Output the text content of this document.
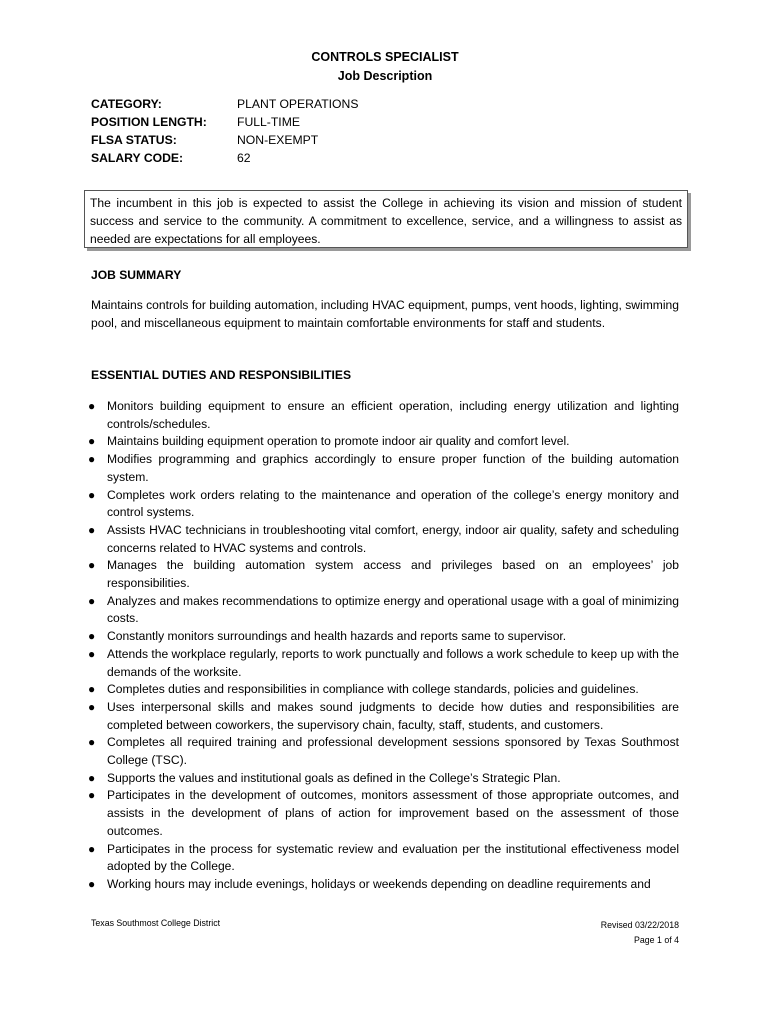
CONTROLS SPECIALIST
Job Description
CATEGORY:	PLANT OPERATIONS
POSITION LENGTH:	FULL-TIME
FLSA STATUS:	NON-EXEMPT
SALARY CODE:	62
The incumbent in this job is expected to assist the College in achieving its vision and mission of student success and service to the community. A commitment to excellence, service, and a willingness to assist as needed are expectations for all employees.
JOB SUMMARY
Maintains controls for building automation, including HVAC equipment, pumps, vent hoods, lighting, swimming pool, and miscellaneous equipment to maintain comfortable environments for staff and students.
ESSENTIAL DUTIES AND RESPONSIBILITIES
● Monitors building equipment to ensure an efficient operation, including energy utilization and lighting controls/schedules.
● Maintains building equipment operation to promote indoor air quality and comfort level.
● Modifies programming and graphics accordingly to ensure proper function of the building automation system.
● Completes work orders relating to the maintenance and operation of the college’s energy monitory and control systems.
● Assists HVAC technicians in troubleshooting vital comfort, energy, indoor air quality, safety and scheduling concerns related to HVAC systems and controls.
● Manages the building automation system access and privileges based on an employees’ job responsibilities.
● Analyzes and makes recommendations to optimize energy and operational usage with a goal of minimizing costs.
● Constantly monitors surroundings and health hazards and reports same to supervisor.
● Attends the workplace regularly, reports to work punctually and follows a work schedule to keep up with the demands of the worksite.
● Completes duties and responsibilities in compliance with college standards, policies and guidelines.
● Uses interpersonal skills and makes sound judgments to decide how duties and responsibilities are completed between coworkers, the supervisory chain, faculty, staff, students, and customers.
● Completes all required training and professional development sessions sponsored by Texas Southmost College (TSC).
● Supports the values and institutional goals as defined in the College’s Strategic Plan.
● Participates in the development of outcomes, monitors assessment of those appropriate outcomes, and assists in the development of plans of action for improvement based on the assessment of those outcomes.
● Participates in the process for systematic review and evaluation per the institutional effectiveness model adopted by the College.
● Working hours may include evenings, holidays or weekends depending on deadline requirements and
Texas Southmost College District	Revised 03/22/2018
Page 1 of 4
